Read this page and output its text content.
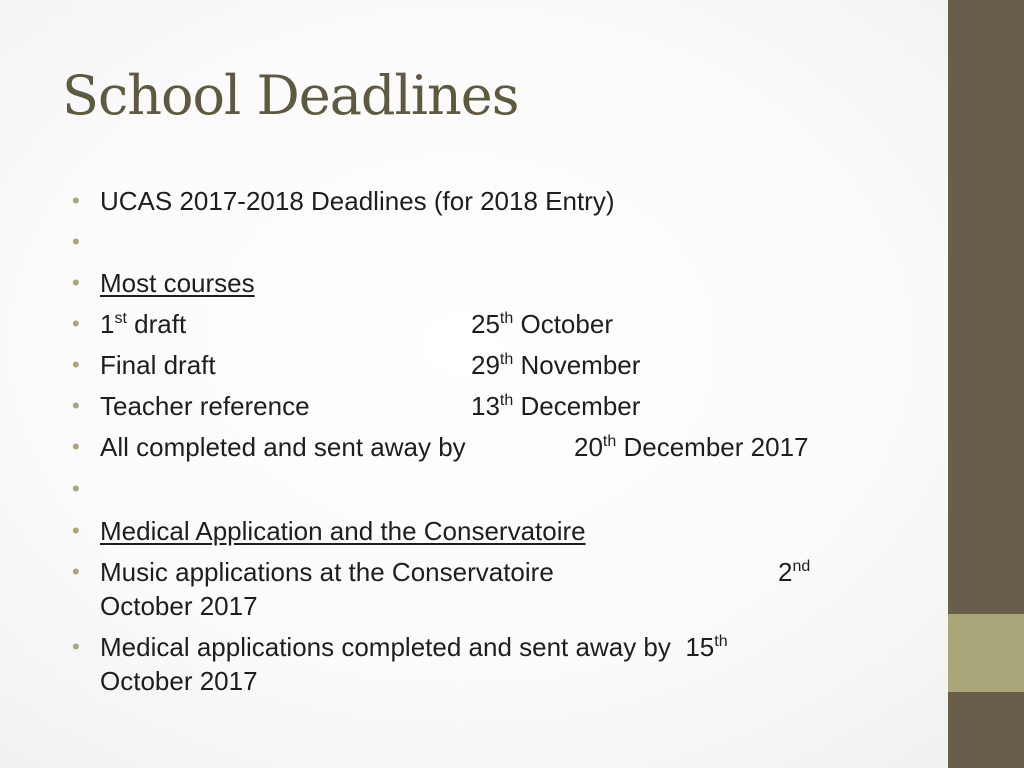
School Deadlines
• UCAS 2017-2018 Deadlines (for 2018 Entry)
•
• Most courses
• 1st draft	25th October
• Final draft	29th November
• Teacher reference	13th December
• All completed and sent away by	20th December 2017
•
• Medical Application and the Conservatoire
• Music applications at the Conservatoire	2nd
October 2017
• Medical applications completed and sent away by  15th
October 2017
